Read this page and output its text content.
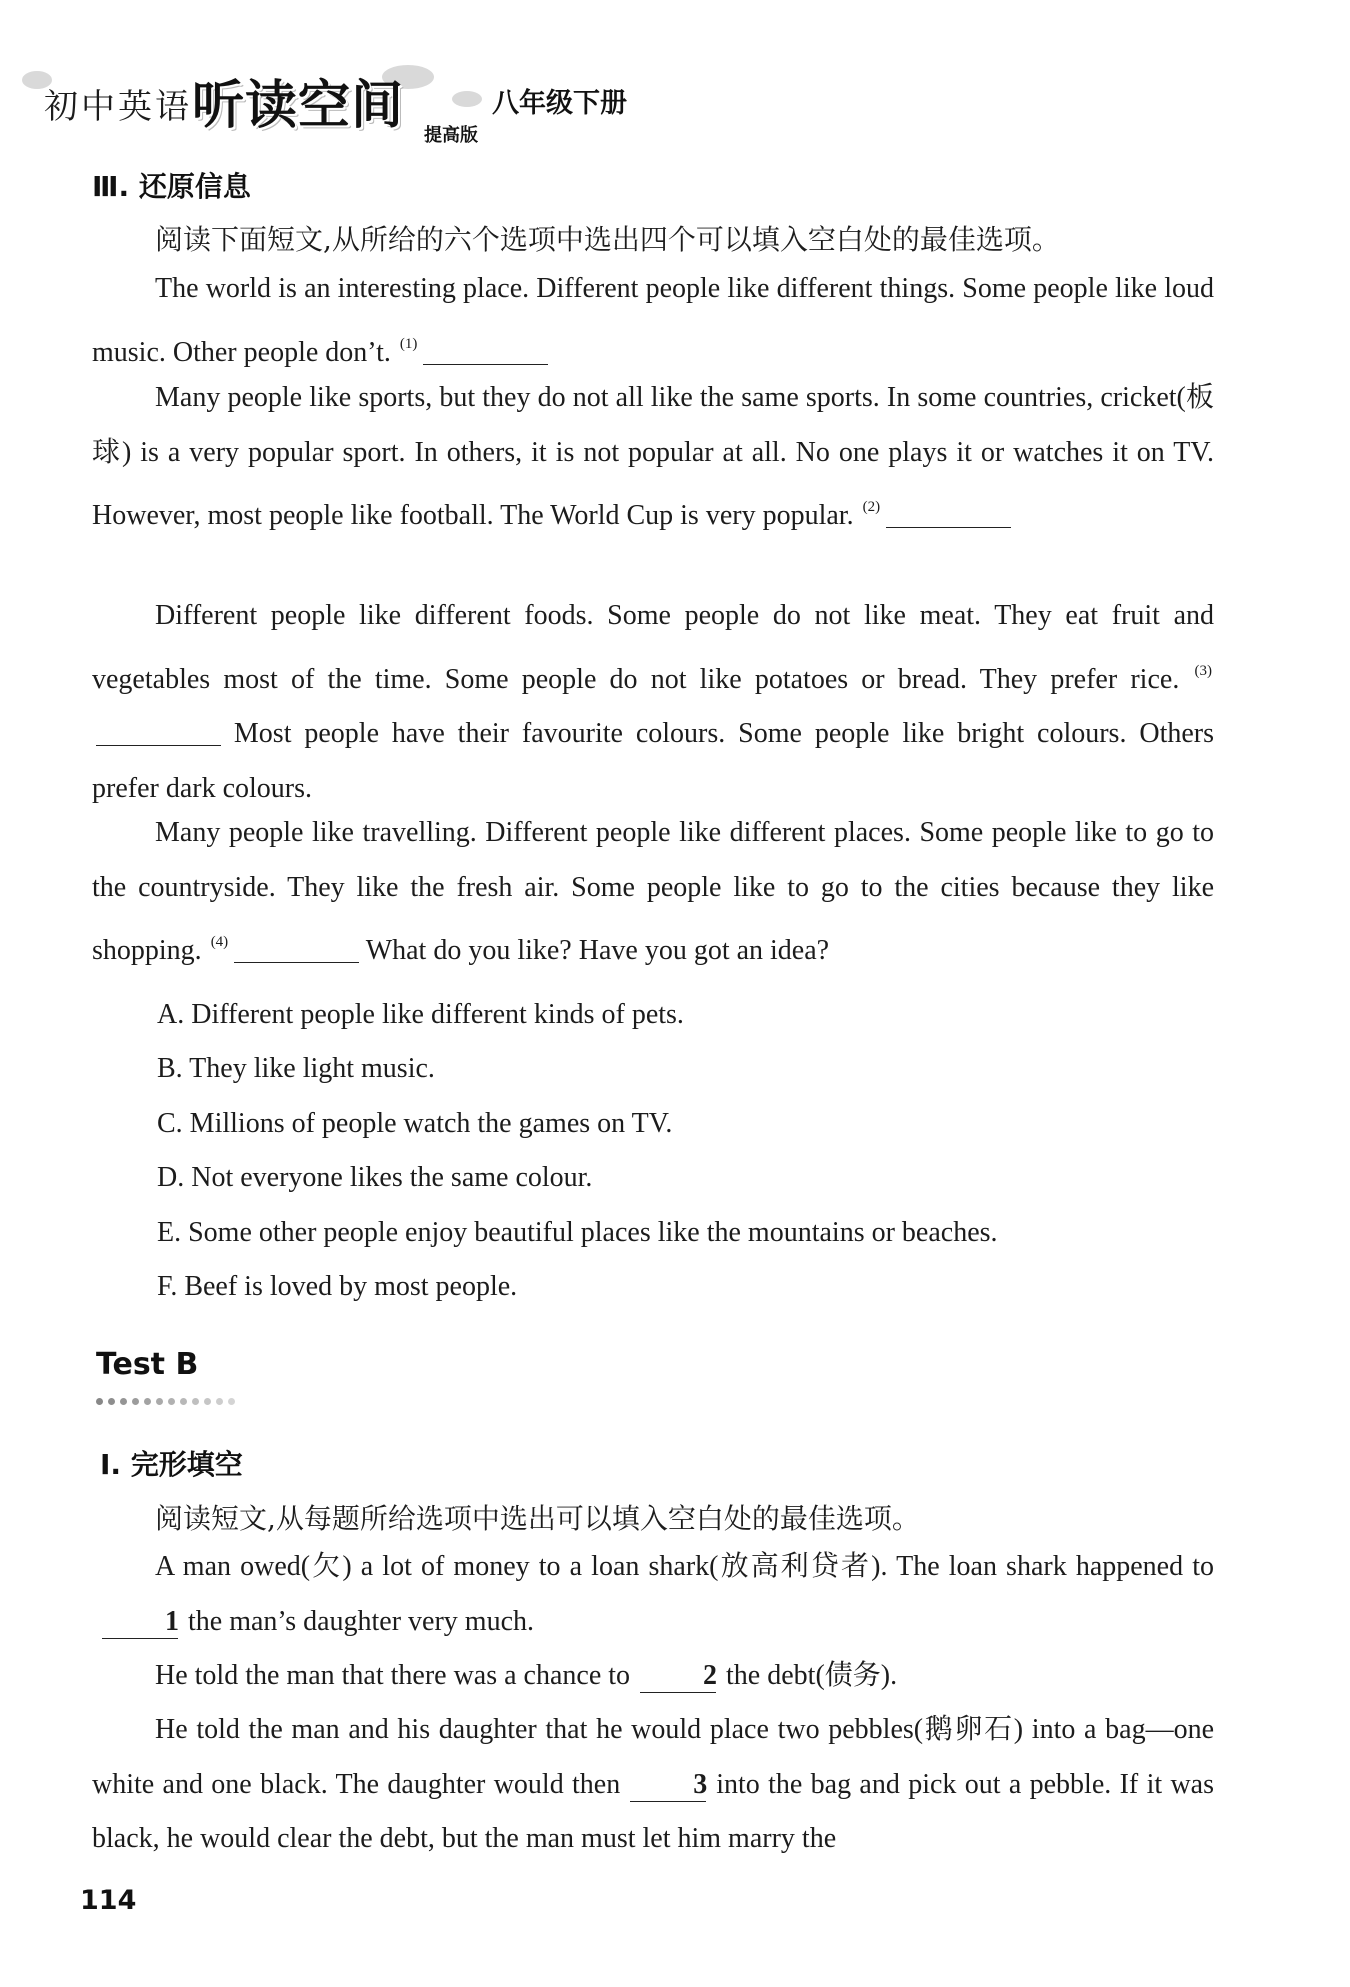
初中英语 听读空间 提高版
八年级下册
Ⅲ. 还原信息
阅读下面短文,从所给的六个选项中选出四个可以填入空白处的最佳选项。

The world is an interesting place. Different people like different things. Some people like loud music. Other people don’t. $^{(1)}$

Many people like sports, but they do not all like the same sports. In some countries, cricket(板球) is a very popular sport. In others, it is not popular at all. No one plays it or watches it on TV. However, most people like football. The World Cup is very popular. $^{(2)}$

Different people like different foods. Some people do not like meat. They eat fruit and vegetables most of the time. Some people do not like potatoes or bread. They prefer rice. $^{(3)}$ Most people have their favourite colours. Some people like bright colours. Others prefer dark colours.

Many people like travelling. Different people like different places. Some people like to go to the countryside. They like the fresh air. Some people like to go to the cities because they like shopping. $^{(4)}$	What do you like? Have you got an idea?

A. Different people like different kinds of pets.
B. They like light music.
C. Millions of people watch the games on TV.
D. Not everyone likes the same colour.
E. Some other people enjoy beautiful places like the mountains or beaches.
F. Beef is loved by most people.
Test B
Ⅰ. 完形填空
阅读短文,从每题所给选项中选出可以填入空白处的最佳选项。

A man owed(欠) a lot of money to a loan shark(放高利贷者). The loan shark happened to1 the man’s daughter very much.

He told the man that there was a chance to	2 the debt(债务).

He told the man and his daughter that he would place two pebbles(鹅卵石) into a bag—one white and one black. The daughter would then	3 into the bag and pick out a pebble. If it was black, he would clear the debt, but the man must let him marry the

114
